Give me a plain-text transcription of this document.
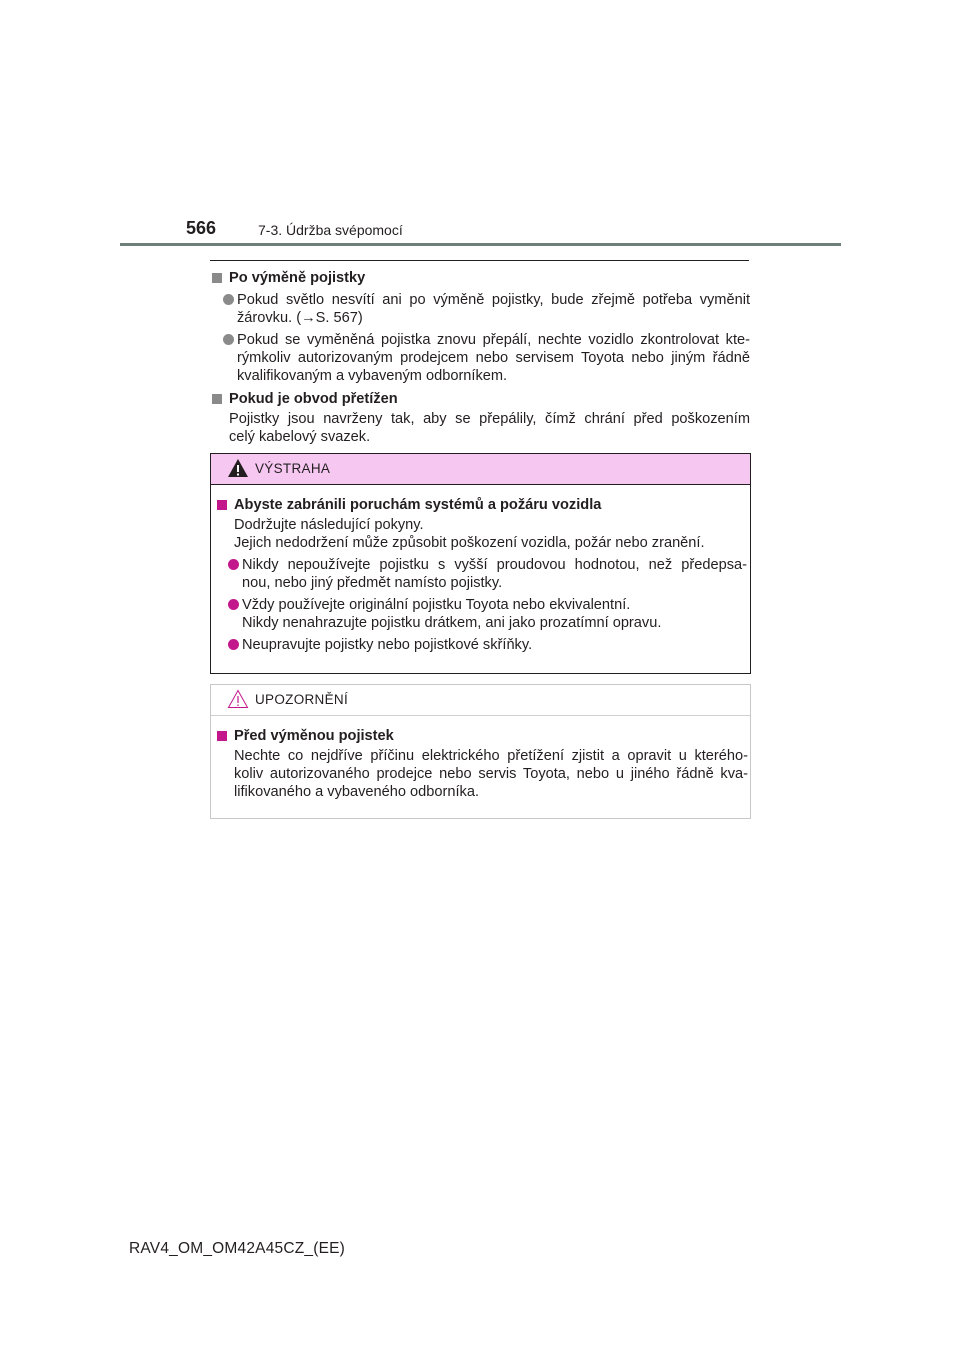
566	7-3. Údržba svépomocí
Po výměně pojistky
Pokud světlo nesvítí ani po výměně pojistky, bude zřejmě potřeba vyměnit
žárovku. (→S. 567)
Pokud se vyměněná pojistka znovu přepálí, nechte vozidlo zkontrolovat kte-
rýmkoliv autorizovaným prodejcem nebo servisem Toyota nebo jiným řádně
kvalifikovaným a vybaveným odborníkem.
Pokud je obvod přetížen
Pojistky jsou navrženy tak, aby se přepálily, čímž chrání před poškozením
celý kabelový svazek.
VÝSTRAHA
Abyste zabránili poruchám systémů a požáru vozidla
Dodržujte následující pokyny.
Jejich nedodržení může způsobit poškození vozidla, požár nebo zranění.
Nikdy nepoužívejte pojistku s vyšší proudovou hodnotou, než předepsa-
nou, nebo jiný předmět namísto pojistky.
Vždy používejte originální pojistku Toyota nebo ekvivalentní.
Nikdy nenahrazujte pojistku drátkem, ani jako prozatímní opravu.
Neupravujte pojistky nebo pojistkové skříňky.
UPOZORNĚNÍ
Před výměnou pojistek
Nechte co nejdříve příčinu elektrického přetížení zjistit a opravit u kterého-
koliv autorizovaného prodejce nebo servis Toyota, nebo u jiného řádně kva-
lifikovaného a vybaveného odborníka.
RAV4_OM_OM42A45CZ_(EE)
